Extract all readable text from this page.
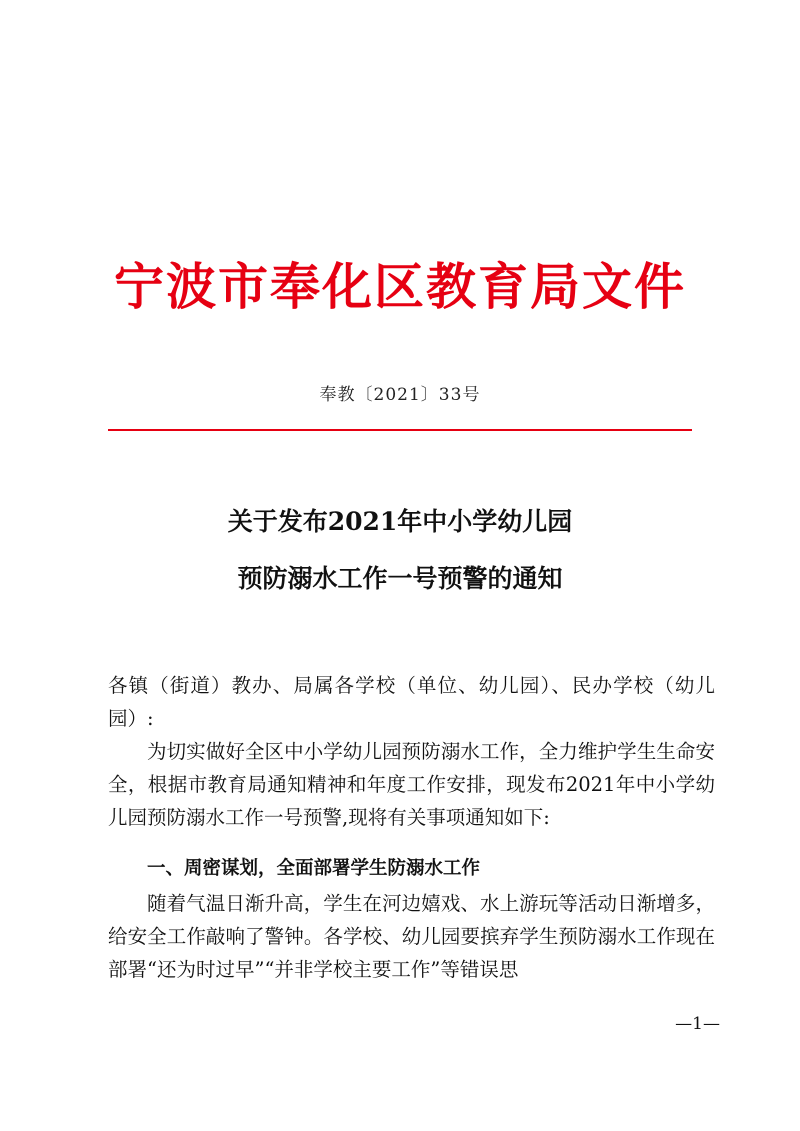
宁波市奉化区教育局文件
奉教〔2021〕33号
关于发布2021年中小学幼儿园
预防溺水工作一号预警的通知
各镇（街道）教办、局属各学校（单位、幼儿园）、民办学校（幼儿园）:
为切实做好全区中小学幼儿园预防溺水工作，全力维护学生生命安全，根据市教育局通知精神和年度工作安排，现发布2021年中小学幼儿园预防溺水工作一号预警,现将有关事项通知如下:
一、周密谋划，全面部署学生防溺水工作
随着气温日渐升高，学生在河边嬉戏、水上游玩等活动日渐增多，给安全工作敲响了警钟。各学校、幼儿园要摈弃学生预防溺水工作现在部署“还为时过早”“并非学校主要工作”等错误思
—1—
